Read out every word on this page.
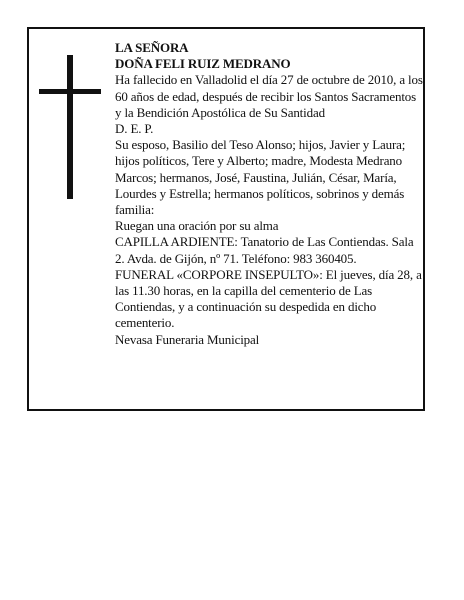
LA SEÑORA

DOÑA FELI RUIZ MEDRANO

Ha fallecido en Valladolid el día 27 de octubre de 2010, a los 60 años de edad, después de recibir los Santos Sacramentos y la Bendición Apostólica de Su Santidad

D. E. P.

Su esposo, Basilio del Teso Alonso; hijos, Javier y Laura; hijos políticos, Tere y Alberto; madre, Modesta Medrano Marcos; hermanos, José, Faustina, Julián, César, María, Lourdes y Estrella; hermanos políticos, sobrinos y demás familia:

Ruegan una oración por su alma

CAPILLA ARDIENTE: Tanatorio de Las Contiendas. Sala 2. Avda. de Gijón, nº 71. Teléfono: 983 360405.

FUNERAL «CORPORE INSEPULTO»: El jueves, día 28, a las 11.30 horas, en la capilla del cementerio de Las Contiendas, y a continuación su despedida en dicho cementerio.

Nevasa Funeraria Municipal
